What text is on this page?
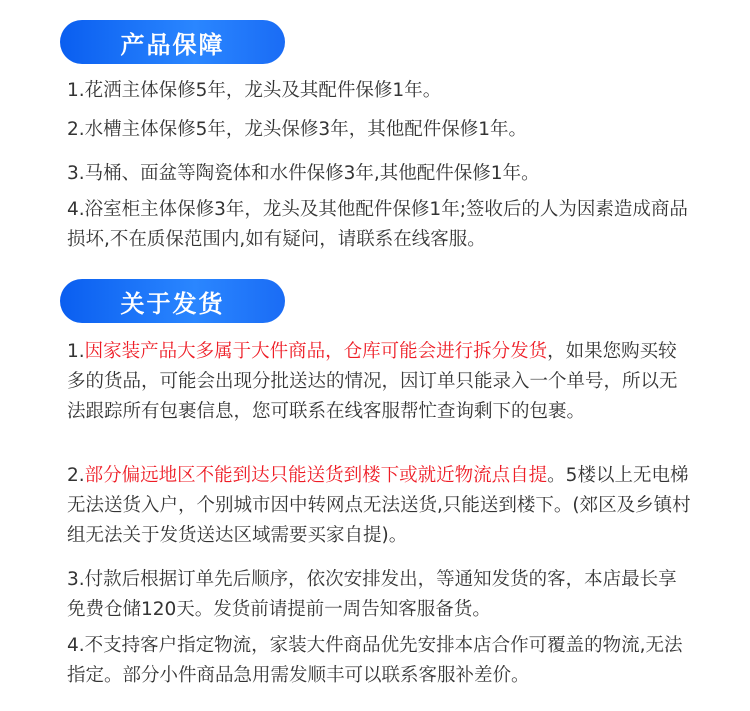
产品保障

1.花洒主体保修5年，龙头及其配件保修1年。

2.水槽主体保修5年，龙头保修3年，其他配件保修1年。

3.马桶、面盆等陶瓷体和水件保修3年,其他配件保修1年。

4.浴室柜主体保修3年，龙头及其他配件保修1年;签收后的人为因素造成商品损坏,不在质保范围内,如有疑问，请联系在线客服。

关于发货

1.因家装产品大多属于大件商品，仓库可能会进行拆分发货，如果您购买较多的货品，可能会出现分批送达的情况，因订单只能录入一个单号，所以无法跟踪所有包裹信息，您可联系在线客服帮忙查询剩下的包裹。

2.部分偏远地区不能到达只能送货到楼下或就近物流点自提。5楼以上无电梯无法送货入户，个别城市因中转网点无法送货,只能送到楼下。(郊区及乡镇村组无法关于发货送达区域需要买家自提)。

3.付款后根据订单先后顺序，依次安排发出，等通知发货的客，本店最长享免费仓储120天。发货前请提前一周告知客服备货。

4.不支持客户指定物流，家装大件商品优先安排本店合作可覆盖的物流,无法指定。部分小件商品急用需发顺丰可以联系客服补差价。
